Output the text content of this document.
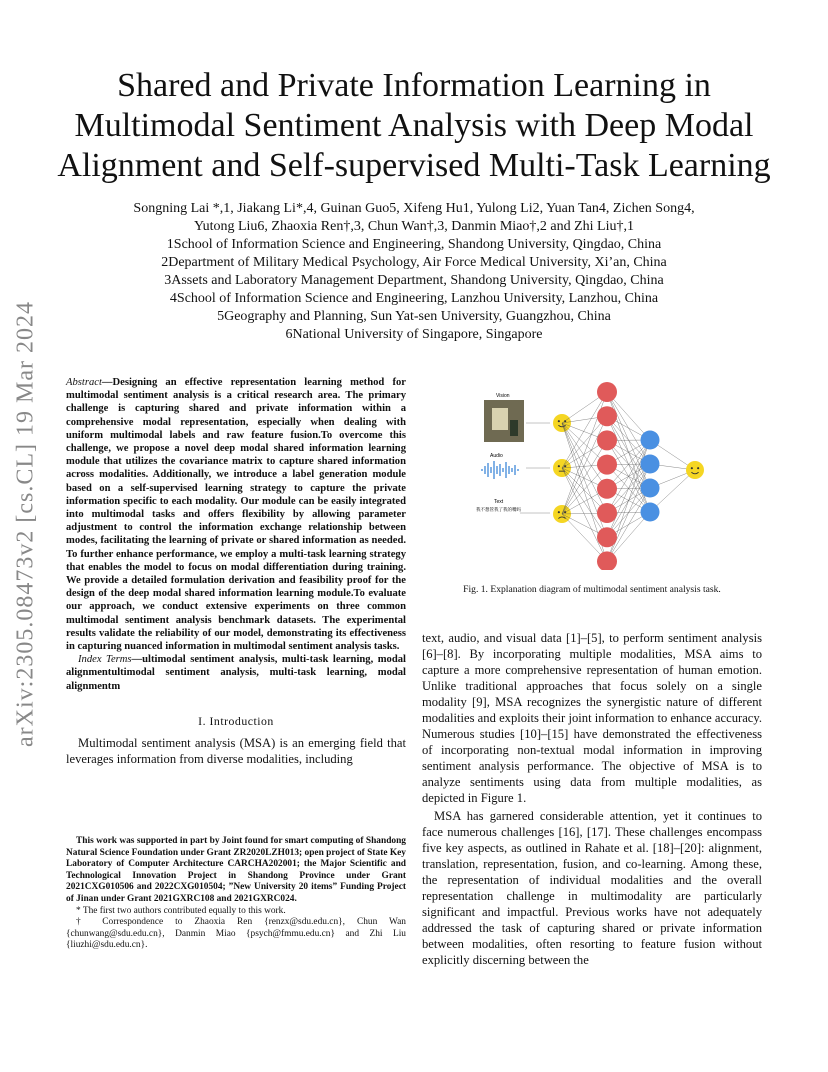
Shared and Private Information Learning in Multimodal Sentiment Analysis with Deep Modal Alignment and Self-supervised Multi-Task Learning
Songning Lai *,1, Jiakang Li*,4, Guinan Guo5, Xifeng Hu1, Yulong Li2, Yuan Tan4, Zichen Song4,
Yutong Liu6, Zhaoxia Ren†,3, Chun Wan†,3, Danmin Miao†,2 and Zhi Liu†,1
1School of Information Science and Engineering, Shandong University, Qingdao, China
2Department of Military Medical Psychology, Air Force Medical University, Xi’an, China
3Assets and Laboratory Management Department, Shandong University, Qingdao, China
4School of Information Science and Engineering, Lanzhou University, Lanzhou, China
5Geography and Planning, Sun Yat-sen University, Guangzhou, China
6National University of Singapore, Singapore
arXiv:2305.08473v2 [cs.CL] 19 Mar 2024	Abstract—Designing an effective representation learning method for multimodal sentiment analysis is a critical research area. The primary challenge is capturing shared and private information within a comprehensive modal representation, especially when dealing with uniform multimodal labels and raw feature fusion.To overcome this challenge, we propose a novel deep modal shared information learning module that utilizes the covariance matrix to capture shared information across modalities. Additionally, we introduce a label generation module based on a self-supervised learning strategy to capture the private information specific to each modality. Our module can be easily integrated into multimodal tasks and offers flexibility by allowing parameter adjustment to control the information exchange relationship between modes, facilitating the learning of private or shared information as needed. To further enhance performance, we employ a multi-task learning strategy that enables the model to focus on modal differentiation during training. We provide a detailed formulation derivation and feasibility proof for the design of the deep modal shared information learning module.To evaluate our approach, we conduct extensive experiments on three common multimodal sentiment analysis benchmark datasets. The experimental results validate the reliability of our model, demonstrating its effectiveness in capturing nuanced information in multimodal sentiment analysis tasks.
Index Terms—ultimodal sentiment analysis, multi-task learning, modal alignmentultimodal sentiment analysis, multi-task learning, modal alignmentm
I. Introduction

Multimodal sentiment analysis (MSA) is an emerging field that leverages information from diverse modalities, including

This work was supported in part by Joint found for smart computing of Shandong Natural Science Foundation under Grant ZR2020LZH013; open project of State Key Laboratory of Computer Architecture CARCHA202001; the Major Scientific and Technological Innovation Project in Shandong Province under Grant 2021CXG010506 and 2022CXG010504; ”New University 20 items” Funding Project of Jinan under Grant 2021GXRC108 and 2021GXRC024.

* The first two authors contributed equally to this work.

† Correspondence to Zhaoxia Ren {renzx@sdu.edu.cn}, Chun Wan {chunwang@sdu.edu.cn}, Danmin Miao {psych@fmmu.edu.cn} and Zhi Liu {liuzhi@sdu.edu.cn}.

Vision
Audio
Text
我不想管我了我的嘴吗
Fig. 1. Explanation diagram of multimodal sentiment analysis task.

text, audio, and visual data [1]–[5], to perform sentiment analysis [6]–[8]. By incorporating multiple modalities, MSA aims to capture a more comprehensive representation of human emotion. Unlike traditional approaches that focus solely on a single modality [9], MSA recognizes the synergistic nature of different modalities and exploits their joint information to enhance accuracy. Numerous studies [10]–[15] have demonstrated the effectiveness of incorporating non-textual modal information in improving sentiment analysis performance. The objective of MSA is to analyze sentiments using data from multiple modalities, as depicted in Figure 1.

MSA has garnered considerable attention, yet it continues to face numerous challenges [16], [17]. These challenges encompass five key aspects, as outlined in Rahate et al. [18]–[20]: alignment, translation, representation, fusion, and co-learning. Among these, the representation of individual modalities and the overall representation challenge in multimodality are particularly significant and impactful. Previous works have not adequately addressed the task of capturing shared or private information between modalities, often resorting to feature fusion without explicitly discerning between the
